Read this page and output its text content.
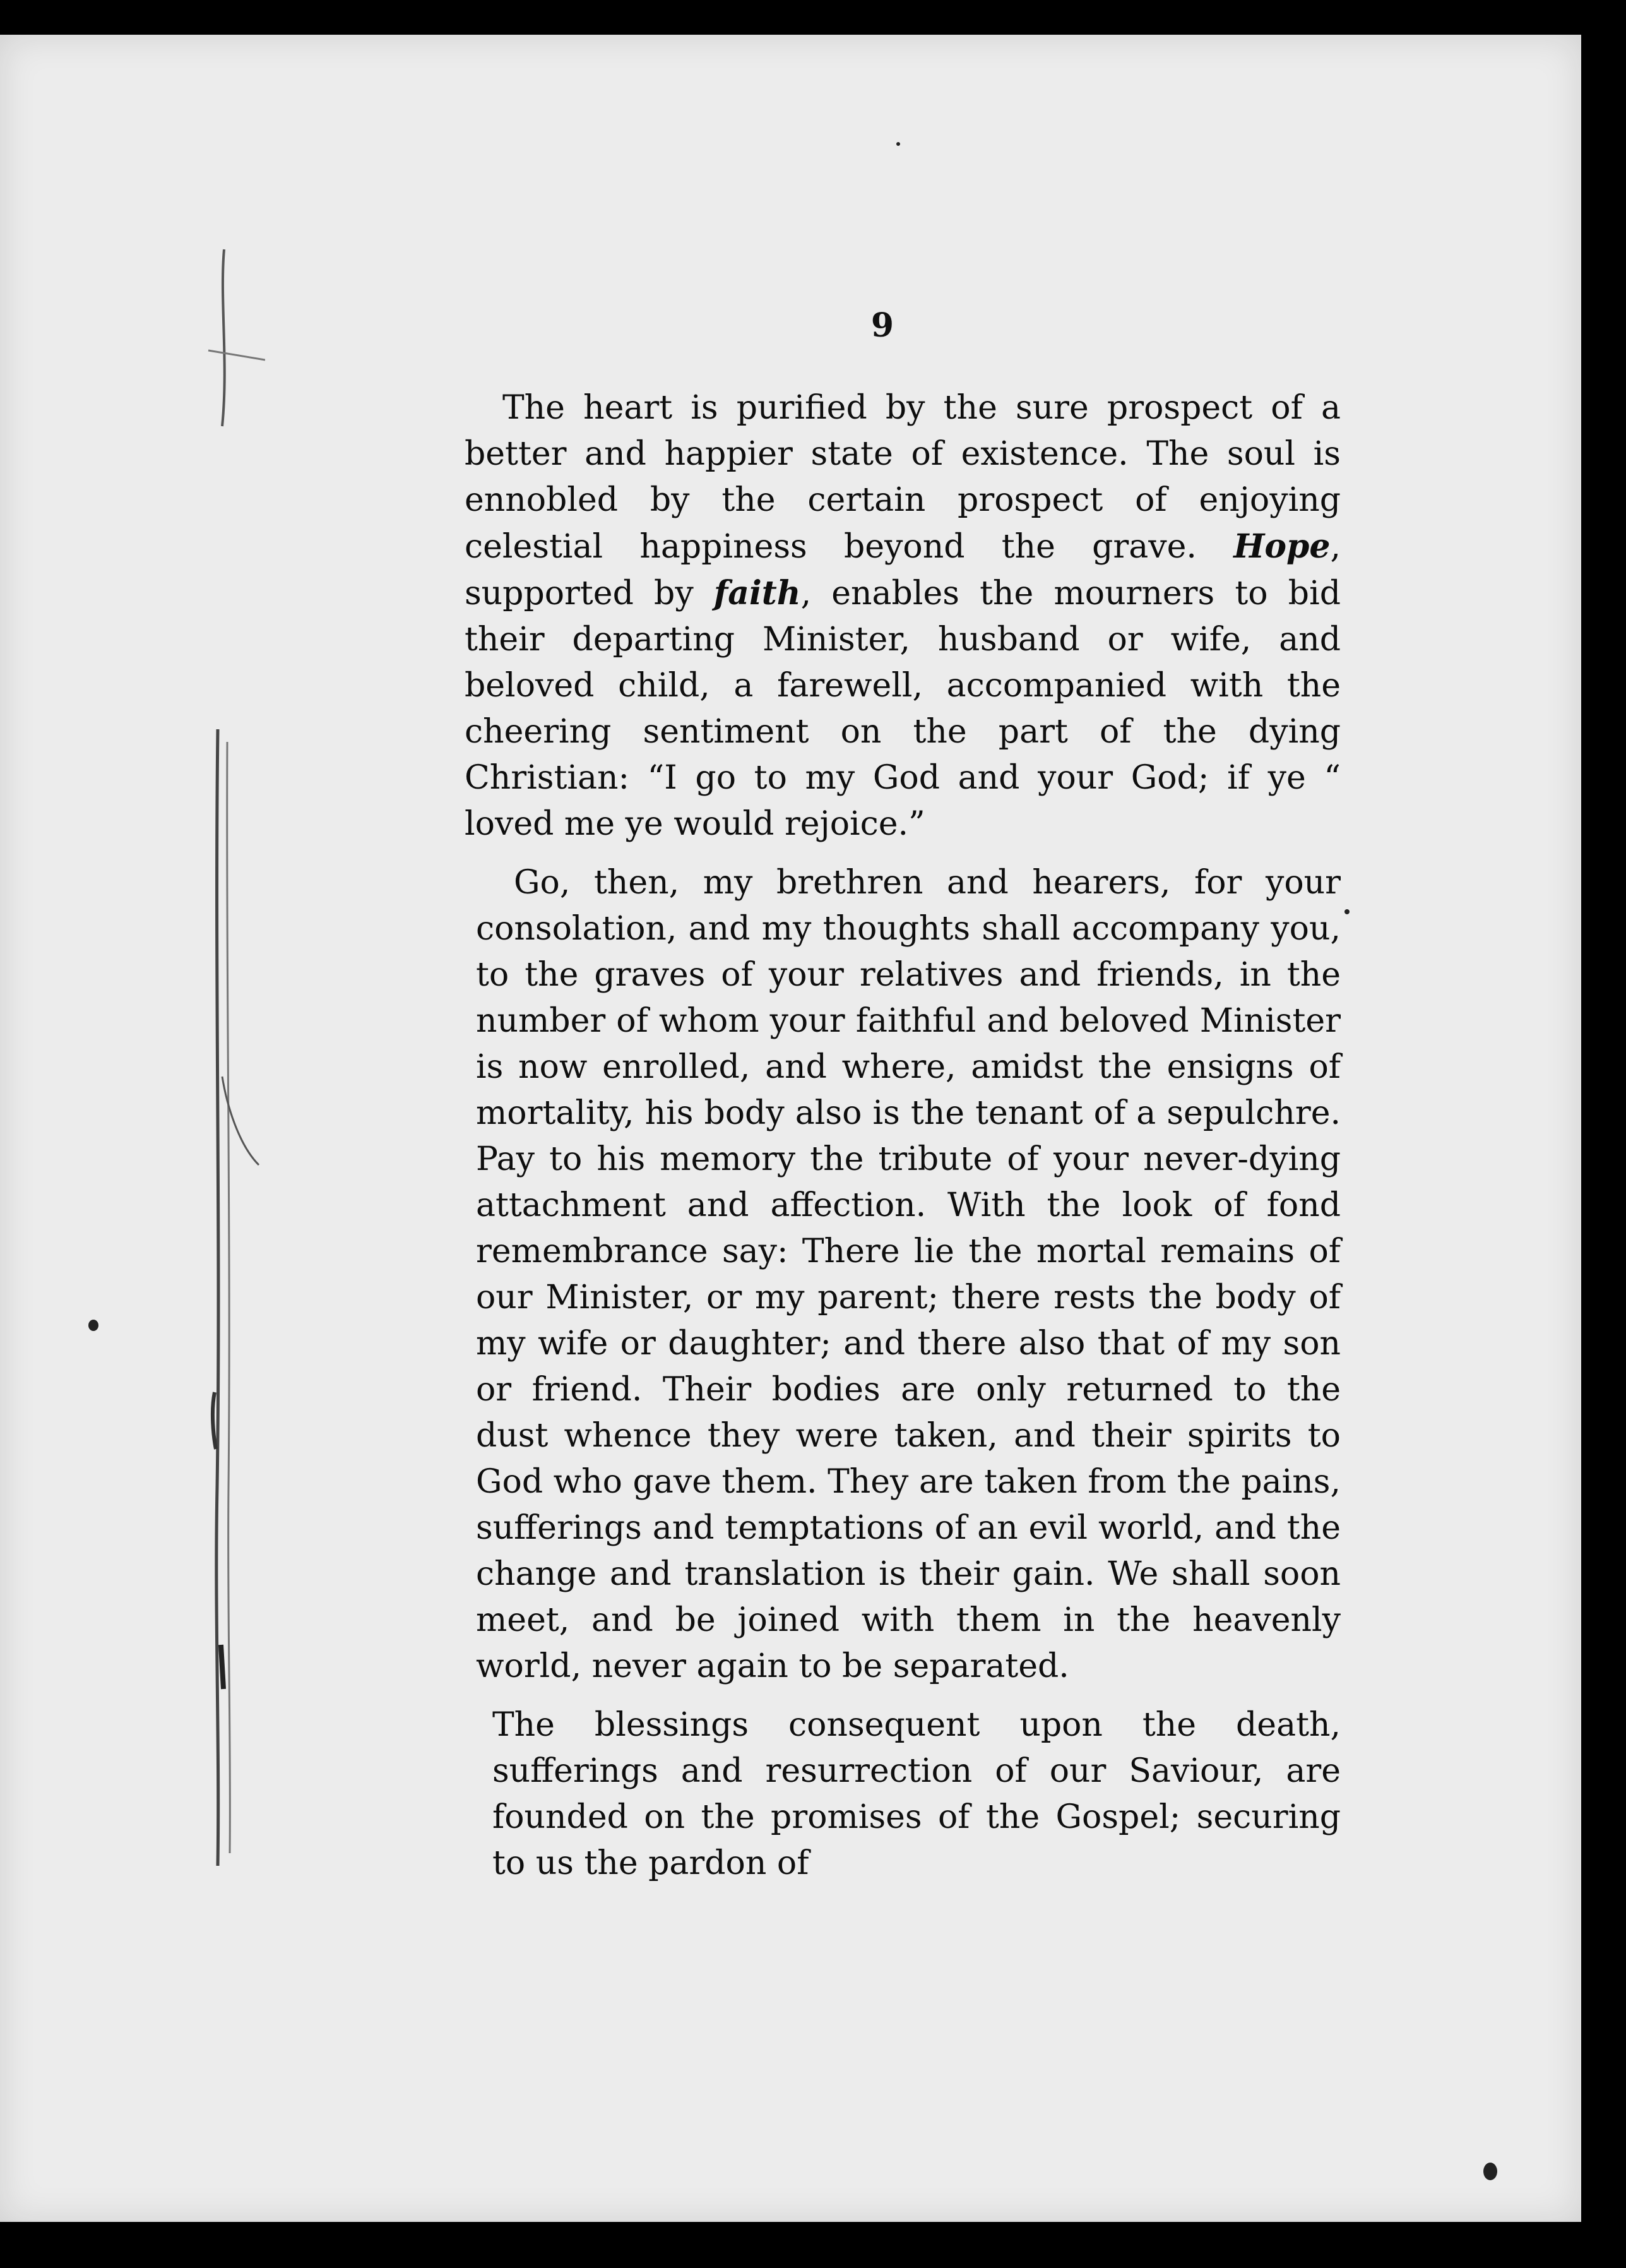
9

The heart is purified by the sure prospect of a better and happier state of existence. The soul is ennobled by the certain prospect of enjoying celestial happiness beyond the grave. Hope, supported by faith, enables the mourners to bid their departing Minister, husband or wife, and beloved child, a farewell, accompanied with the cheering sentiment on the part of the dying Christian: “I go to my God and your God; if ye “ loved me ye would rejoice.”

Go, then, my brethren and hearers, for your consolation, and my thoughts shall accompany you, to the graves of your relatives and friends, in the number of whom your faithful and beloved Minister is now enrolled, and where, amidst the ensigns of mortality, his body also is the tenant of a sepulchre. Pay to his memory the tribute of your never-dying attachment and affection. With the look of fond remembrance say: There lie the mortal remains of our Minister, or my parent; there rests the body of my wife or daughter; and there also that of my son or friend. Their bodies are only returned to the dust whence they were taken, and their spirits to God who gave them. They are taken from the pains, sufferings and temptations of an evil world, and the change and translation is their gain. We shall soon meet, and be joined with them in the heavenly world, never again to be separated.

The blessings consequent upon the death, sufferings and resurrection of our Saviour, are founded on the promises of the Gospel; securing to us the pardon of
